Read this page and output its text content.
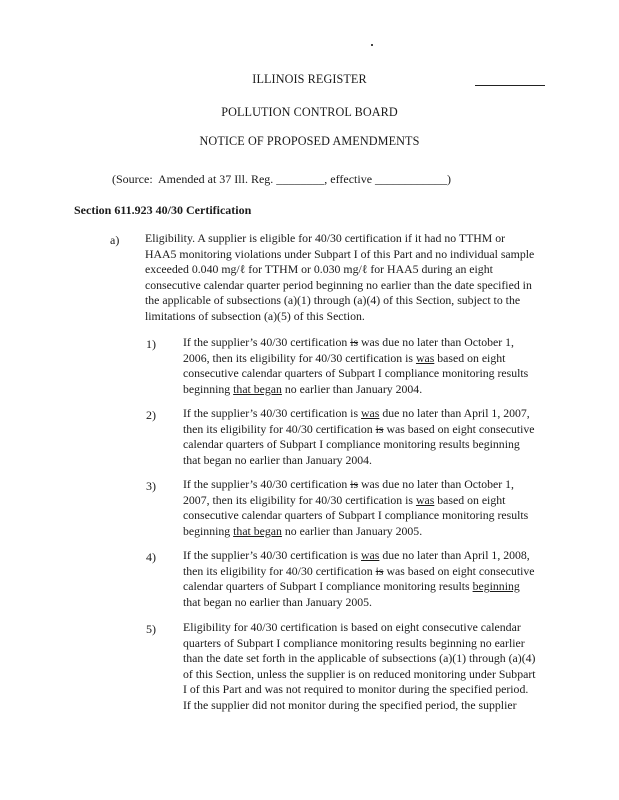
ILLINOIS REGISTER
POLLUTION CONTROL BOARD
NOTICE OF PROPOSED AMENDMENTS
(Source:  Amended at 37 Ill. Reg. ________, effective ____________)
Section 611.923 40/30 Certification
a) Eligibility. A supplier is eligible for 40/30 certification if it had no TTHM or
HAA5 monitoring violations under Subpart I of this Part and no individual sample
exceeded 0.040 mg/ℓ for TTHM or 0.030 mg/ℓ for HAA5 during an eight
consecutive calendar quarter period beginning no earlier than the date specified in
the applicable of subsections (a)(1) through (a)(4) of this Section, subject to the
limitations of subsection (a)(5) of this Section.
1) If the supplier’s 40/30 certification is was due no later than October 1,
2006, then its eligibility for 40/30 certification is was based on eight
consecutive calendar quarters of Subpart I compliance monitoring results
beginning that began no earlier than January 2004.
2) If the supplier’s 40/30 certification is was due no later than April 1, 2007,
then its eligibility for 40/30 certification is was based on eight consecutive
calendar quarters of Subpart I compliance monitoring results beginning
that began no earlier than January 2004.
3) If the supplier’s 40/30 certification is was due no later than October 1,
2007, then its eligibility for 40/30 certification is was based on eight
consecutive calendar quarters of Subpart I compliance monitoring results
beginning that began no earlier than January 2005.
4) If the supplier’s 40/30 certification is was due no later than April 1, 2008,
then its eligibility for 40/30 certification is was based on eight consecutive
calendar quarters of Subpart I compliance monitoring results beginning
that began no earlier than January 2005.
5) Eligibility for 40/30 certification is based on eight consecutive calendar
quarters of Subpart I compliance monitoring results beginning no earlier
than the date set forth in the applicable of subsections (a)(1) through (a)(4)
of this Section, unless the supplier is on reduced monitoring under Subpart
I of this Part and was not required to monitor during the specified period.
If the supplier did not monitor during the specified period, the supplier
